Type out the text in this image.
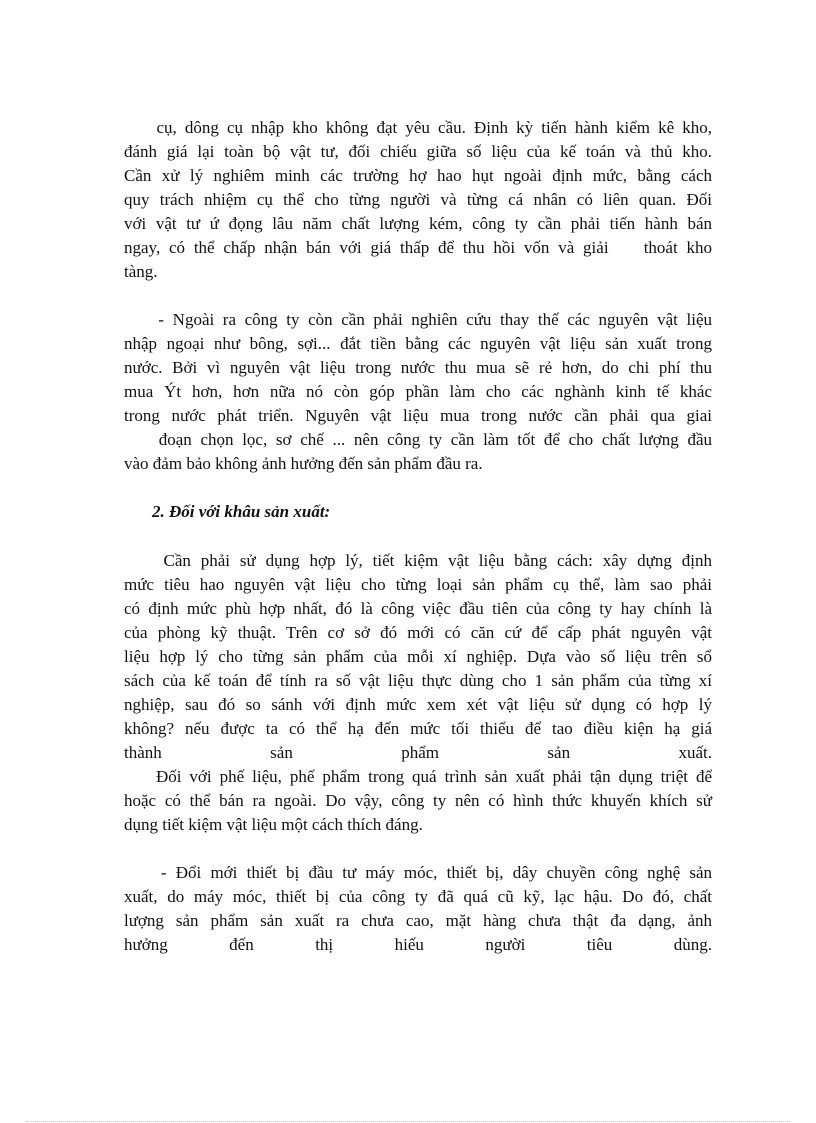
cụ, dông cụ nhập kho không đạt yêu cầu. Định kỳ tiến hành kiểm kê kho,
đánh giá lại toàn bộ vật tư, đối chiếu giữa số liệu của kế toán và thủ kho.
Cần xử lý nghiêm minh các trường hợ hao hụt ngoài định mức, bằng cách
quy trách nhiệm cụ thể cho từng người và từng cá nhân có liên quan. Đối
với vật tư ứ đọng lâu năm chất lượng kém, công ty cần phải tiến hành bán
ngay, có thể chấp nhận bán với giá thấp để thu hồi vốn và giải    thoát kho
tàng.
- Ngoài ra công ty còn cần phải nghiên cứu thay thế các nguyên vật liệu
nhập ngoại như bông, sợi... đắt tiền bằng các nguyên vật liệu sản xuất trong
nước. Bởi vì nguyên vật liệu trong nước thu mua sẽ rẻ hơn, do chi phí thu
mua Ýt hơn, hơn nữa nó còn góp phần làm cho các nghành kinh tế khác
trong nước phát triển. Nguyên vật liệu mua trong nước cần phải qua giai
đoạn chọn lọc, sơ chế ... nên công ty cần làm tốt để cho chất lượng đầu
vào đảm bảo không ảnh hưởng đến sản phẩm đầu ra.
2. Đối với khâu sản xuất:
Cần phải sử dụng hợp lý, tiết kiệm vật liệu bằng cách: xây dựng định
mức tiêu hao nguyên vật liệu cho từng loại sản phẩm cụ thể, làm sao phải
có định mức phù hợp nhất, đó là công việc đầu tiên của công ty hay chính là
của phòng kỹ thuật. Trên cơ sở đó mới có căn cứ để cấp phát nguyên vật
liệu hợp lý cho từng sản phẩm của mỗi xí nghiệp. Dựa vào số liệu trên sổ
sách của kế toán để tính ra số vật liệu thực dùng cho 1 sản phẩm của từng xí
nghiệp, sau đó so sánh với định mức xem xét vật liệu sử dụng có hợp lý
không? nếu được ta có thể hạ đến mức tối thiểu để tao điều kiện hạ giá
thành sản phẩm sản xuất.
Đối với phế liệu, phế phẩm trong quá trình sản xuất phải tận dụng triệt để
hoặc có thể bán ra ngoài. Do vậy, công ty nên có hình thức khuyến khích sử
dụng tiết kiệm vật liệu một cách thích đáng.
- Đổi mới thiết bị đầu tư máy móc, thiết bị, dây chuyền công nghệ sản
xuất, do máy móc, thiết bị của công ty đã quá cũ kỹ, lạc hậu. Do đó, chất
lượng sản phẩm sản xuất ra chưa cao, mặt hàng chưa thật đa dạng, ảnh
hưởng đến thị hiếu người tiêu dùng.
